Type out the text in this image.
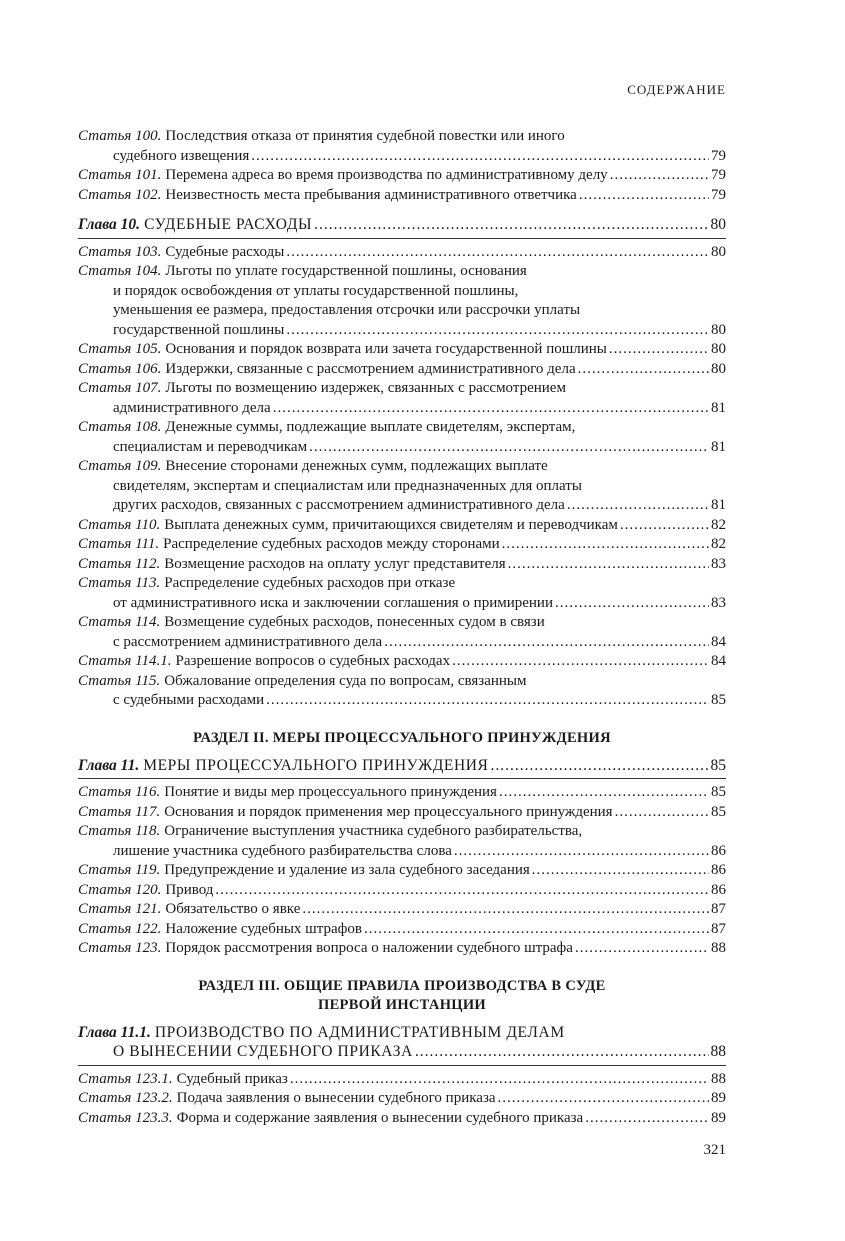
СОДЕРЖАНИЕ
Статья 100. Последствия отказа от принятия судебной повестки или иного
судебного извещения .....	79
Статья 101. Перемена адреса во время производства по административному делу .....	79
Статья 102. Неизвестность места пребывания административного ответчика .....	79
Глава 10. СУДЕБНЫЕ РАСХОДЫ .....	80
Статья 103. Судебные расходы .....	80
Статья 104. Льготы по уплате государственной пошлины, основания
и порядок освобождения от уплаты государственной пошлины,
уменьшения ее размера, предоставления отсрочки или рассрочки уплаты
государственной пошлины .....	80
Статья 105. Основания и порядок возврата или зачета государственной пошлины .....	80
Статья 106. Издержки, связанные с рассмотрением административного дела .....	80
Статья 107. Льготы по возмещению издержек, связанных с рассмотрением
административного дела .....	81
Статья 108. Денежные суммы, подлежащие выплате свидетелям, экспертам,
специалистам и переводчикам .....	81
Статья 109. Внесение сторонами денежных сумм, подлежащих выплате
свидетелям, экспертам и специалистам или предназначенных для оплаты
других расходов, связанных с рассмотрением административного дела .....	81
Статья 110. Выплата денежных сумм, причитающихся свидетелям и переводчикам .....	82
Статья 111. Распределение судебных расходов между сторонами .....	82
Статья 112. Возмещение расходов на оплату услуг представителя .....	83
Статья 113. Распределение судебных расходов при отказе
от административного иска и заключении соглашения о примирении .....	83
Статья 114. Возмещение судебных расходов, понесенных судом в связи
с рассмотрением административного дела .....	84
Статья 114.1. Разрешение вопросов о судебных расходах .....	84
Статья 115. Обжалование определения суда по вопросам, связанным
с судебными расходами .....	85
РАЗДЕЛ II. МЕРЫ ПРОЦЕССУАЛЬНОГО ПРИНУЖДЕНИЯ
Глава 11. МЕРЫ ПРОЦЕССУАЛЬНОГО ПРИНУЖДЕНИЯ .....	85
Статья 116. Понятие и виды мер процессуального принуждения .....	85
Статья 117. Основания и порядок применения мер процессуального принуждения .....	85
Статья 118. Ограничение выступления участника судебного разбирательства,
лишение участника судебного разбирательства слова .....	86
Статья 119. Предупреждение и удаление из зала судебного заседания .....	86
Статья 120. Привод .....	86
Статья 121. Обязательство о явке .....	87
Статья 122. Наложение судебных штрафов .....	87
Статья 123. Порядок рассмотрения вопроса о наложении судебного штрафа .....	88
РАЗДЕЛ III. ОБЩИЕ ПРАВИЛА ПРОИЗВОДСТВА В СУДЕ
ПЕРВОЙ ИНСТАНЦИИ
Глава 11.1. ПРОИЗВОДСТВО ПО АДМИНИСТРАТИВНЫМ ДЕЛАМ
О ВЫНЕСЕНИИ СУДЕБНОГО ПРИКАЗА .....	88
Статья 123.1. Судебный приказ .....	88
Статья 123.2. Подача заявления о вынесении судебного приказа .....	89
Статья 123.3. Форма и содержание заявления о вынесении судебного приказа .....	89
321
